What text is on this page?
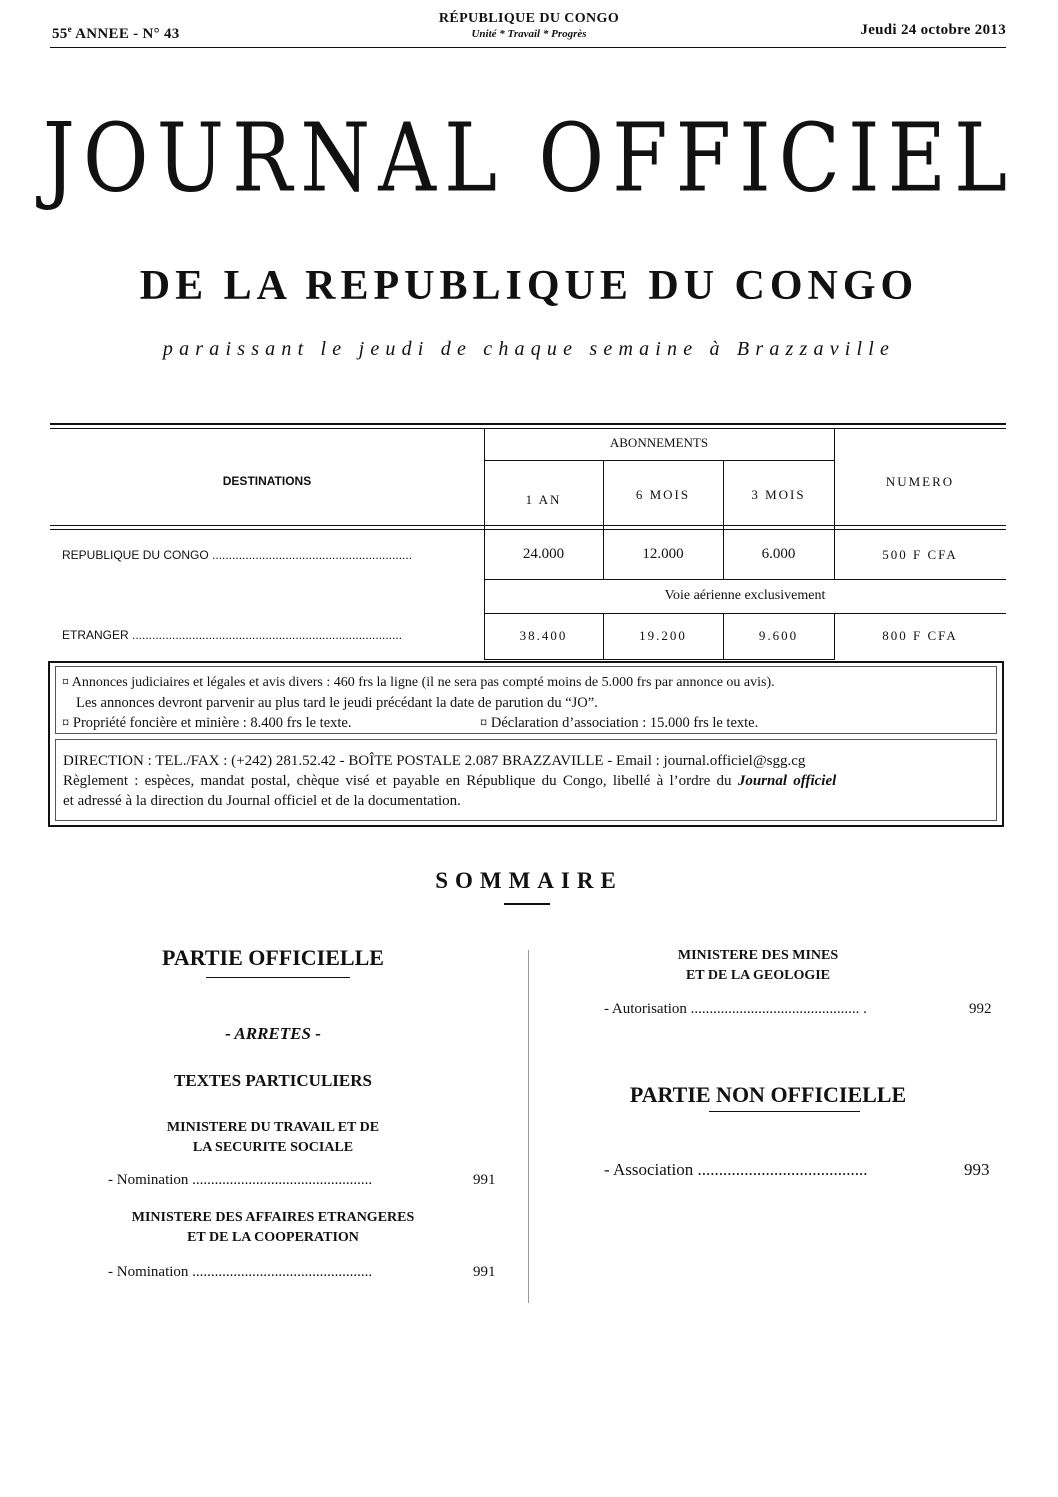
55e ANNEE - N° 43
RÉPUBLIQUE DU CONGO
Unité * Travail * Progrès	Jeudi 24 octobre 2013
JOURNAL OFFICIEL
DE LA REPUBLIQUE DU CONGO
paraissant le jeudi de chaque semaine à Brazzaville
DESTINATIONS
ABONNEMENTS
1 AN	6 MOIS	3 MOIS
NUMERO
REPUBLIQUE DU CONGO ............................................................	24.000	12.000	6.000	500 F CFA
Voie aérienne exclusivement
ETRANGER .................................................................................	38.400	19.200	9.600	800 F CFA
¤ Annonces judiciaires et légales et avis divers : 460 frs la ligne (il ne sera pas compté moins de 5.000 frs par annonce ou avis).
Les annonces devront parvenir au plus tard le jeudi précédant la date de parution du “JO”.
¤ Propriété foncière et minière : 8.400 frs le texte.	¤ Déclaration d’association : 15.000 frs le texte.
DIRECTION : TEL./FAX : (+242) 281.52.42 - BOÎTE POSTALE 2.087 BRAZZAVILLE - Email : journal.officiel@sgg.cg
Règlement : espèces, mandat postal, chèque visé et payable en République du Congo, libellé à l’ordre du Journal officiel
et adressé à la direction du Journal officiel et de la documentation.
SOMMAIRE
PARTIE OFFICIELLE
- ARRETES -
TEXTES PARTICULIERS
MINISTERE DU TRAVAIL ET DE
LA SECURITE SOCIALE
- Nomination ................................................	991
MINISTERE DES AFFAIRES ETRANGERES
ET DE LA COOPERATION
- Nomination ................................................	991
MINISTERE DES MINES
ET DE LA GEOLOGIE
- Autorisation ............................................. .	992
PARTIE NON OFFICIELLE
- Association ........................................	993
